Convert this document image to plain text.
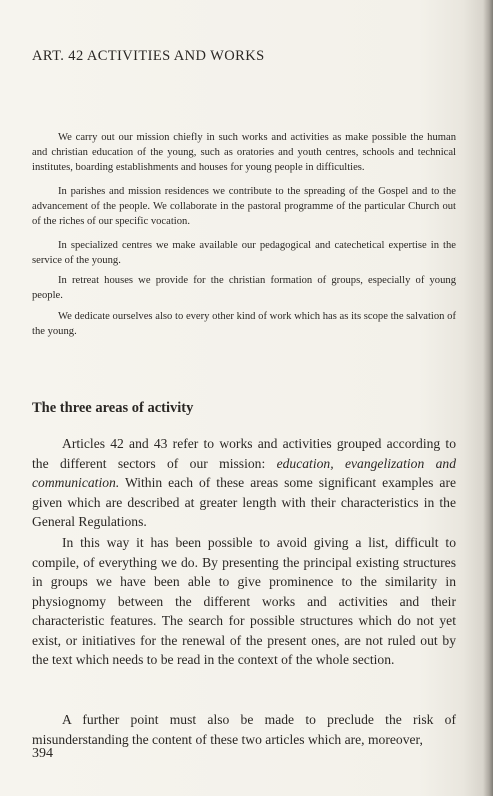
ART. 42 ACTIVITIES AND WORKS

We carry out our mission chiefly in such works and activities as make possible the human and christian education of the young, such as oratories and youth centres, schools and technical institutes, boarding establishments and houses for young people in difficulties.

In parishes and mission residences we contribute to the spreading of the Gospel and to the advancement of the people. We collaborate in the pastoral programme of the particular Church out of the riches of our specific vocation.

In specialized centres we make available our pedagogical and catechetical expertise in the service of the young.

In retreat houses we provide for the christian formation of groups, especially of young people.

We dedicate ourselves also to every other kind of work which has as its scope the salvation of the young.

The three areas of activity

Articles 42 and 43 refer to works and activities grouped according to the different sectors of our mission: education, evangelization and communication. Within each of these areas some significant examples are given which are described at greater length with their characteristics in the General Regulations.

In this way it has been possible to avoid giving a list, difficult to compile, of everything we do. By presenting the principal existing structures in groups we have been able to give prominence to the similarity in physiognomy between the different works and activities and their characteristic features. The search for possible structures which do not yet exist, or initiatives for the renewal of the present ones, are not ruled out by the text which needs to be read in the context of the whole section.

A further point must also be made to preclude the risk of misunderstanding the content of these two articles which are, moreover,

394
